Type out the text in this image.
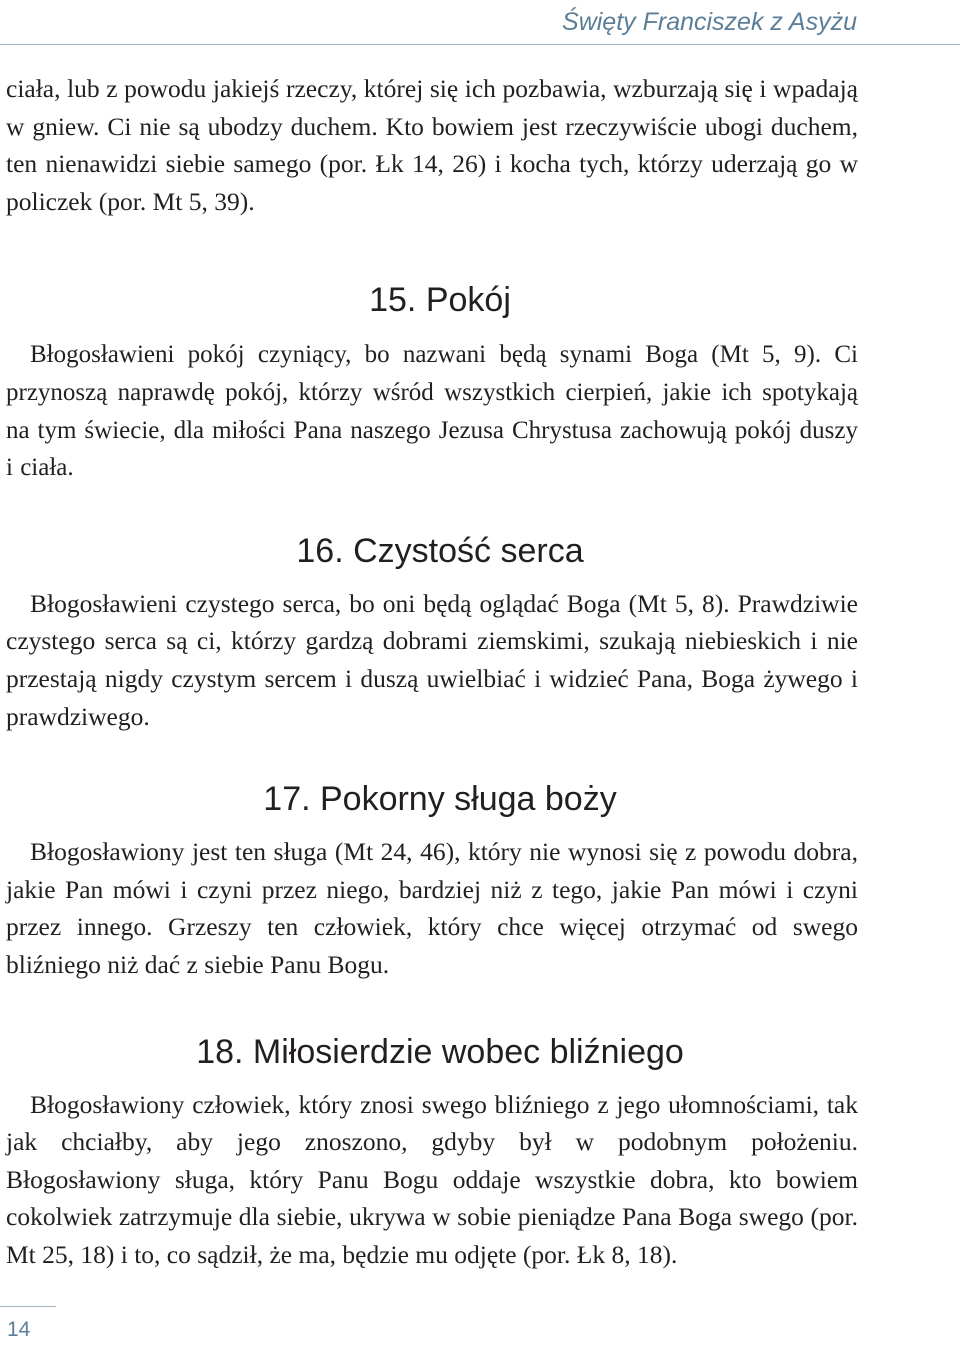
Święty Franciszek z Asyżu

ciała, lub z powodu jakiejś rzeczy, której się ich pozbawia, wzburzają się i wpadają w gniew. Ci nie są ubodzy duchem. Kto bowiem jest rzeczywiście ubogi duchem, ten nienawidzi siebie samego (por. Łk 14, 26) i kocha tych, którzy uderzają go w policzek (por. Mt 5, 39).

15. Pokój

Błogosławieni pokój czyniący, bo nazwani będą synami Boga (Mt 5, 9). Ci przynoszą naprawdę pokój, którzy wśród wszystkich cierpień, jakie ich spotykają na tym świecie, dla miłości Pana naszego Jezusa Chrystusa zachowują pokój duszy i ciała.

16. Czystość serca

Błogosławieni czystego serca, bo oni będą oglądać Boga (Mt 5, 8). Prawdziwie czystego serca są ci, którzy gardzą dobrami ziemskimi, szukają niebieskich i nie przestają nigdy czystym sercem i duszą uwielbiać i widzieć Pana, Boga żywego i prawdziwego.

17. Pokorny sługa boży

Błogosławiony jest ten sługa (Mt 24, 46), który nie wynosi się z powodu dobra, jakie Pan mówi i czyni przez niego, bardziej niż z tego, jakie Pan mówi i czyni przez innego. Grzeszy ten człowiek, który chce więcej otrzymać od swego bliźniego niż dać z siebie Panu Bogu.

18. Miłosierdzie wobec bliźniego

Błogosławiony człowiek, który znosi swego bliźniego z jego ułomnościami, tak jak chciałby, aby jego znoszono, gdyby był w podobnym położeniu. Błogosławiony sługa, który Panu Bogu oddaje wszystkie dobra, kto bowiem cokolwiek zatrzymuje dla siebie, ukrywa w sobie pieniądze Pana Boga swego (por. Mt 25, 18) i to, co sądził, że ma, będzie mu odjęte (por. Łk 8, 18).

14
